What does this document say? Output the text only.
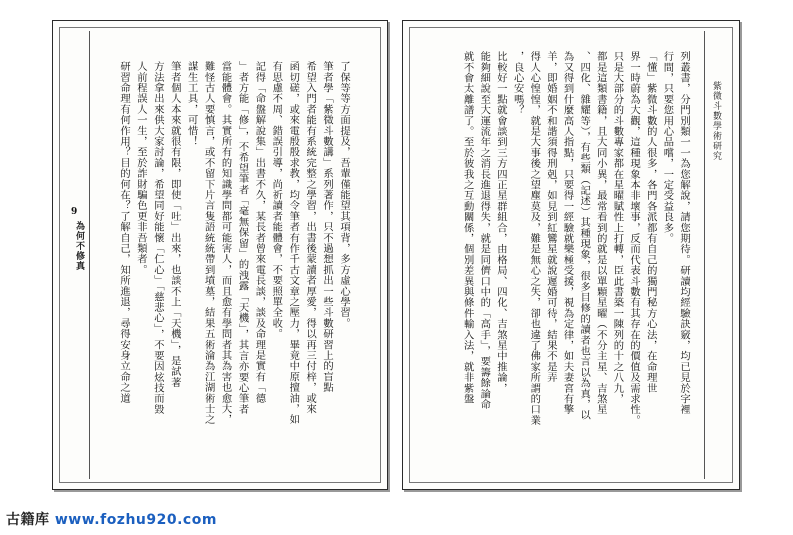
9
為何不修真	了保等等方面提及，吾輩僅能望其項背，多方虛心學習。
筆者學「紫微斗數講」系列著作，只不過想抓出一些斗數研習上的盲點
希望入門者能有系統完整之學習，出書後蒙讀者厚愛，得以再三付梓，或來
函切磋，或來電殷殷求教，均令筆者有作千古文章之壓力，畢竟中原擅油，如
有思慮不周、錯誤引導，尚祈讀者能體會，不要照單全收。
記得「命盤解說集」出書不久，某長者曾來電長談，談及命理是實有「德
」者方能「修」，不希望筆者「毫無保留」的洩露「天機」，其言亦要心筆者
當能體會。其實所有的知識學問都可能害人，而且愈有學問者其為害也愈大，
難怪古人要慎言，或不留下片言隻語統統帶到墳墓，結果五術淪為江湖術士之
謀生工具，可惜！
筆者個人本來就很有限，即使「吐」出來，也談不上「天機」，是試著
方法拿出來供大家討論，希望同好能懷「仁心」「慈悲心」，不要因炫技而毀
人前程誤人一生，至於詐財騙色更非吾類者。
研習命理有何作用？目的何在？了解自己，知所進退，尋得安身立命之道	紫微斗數學術研究
列叢書，分門別類一一為您解說，請您期待。研讀均經驗訣竅，均已見於字裡
行間，只要您用心品嚐，一定受益良多。
「懂」紫微斗數的人很多，各門各派都有自己的獨門秘方心法，在命理世
界一時蔚為大觀，這種現象本非壞事，反而代表斗數有其存在的價值及需求性。
只是大部分的斗數專家都在星曜賦性上打轉，臣此書築一陳列的十之八九，
都是這類書籍，且大同小異，最常看到的就是以單顆星曜（不分主星、吉煞星
、四化、雜耀等），有些類（記述）其種現象，很多目修的讀者也言以為真，以
為又得到什麼高人指點，只要得一經驗就樂極受援，視為定律，如夫妻宮有擎
羊，即婚姻不和諧須得刑剋，如見到紅鸞星就說遲婚可待，結果不是弄
得人心惶惶，就是大事後之望塵莫及，難是無心之失，卻也違了佛家所謂的口業
，良心安嗎？
比較好一點就會談到三方四正星群組合，由格局、四化、吉煞星中推論，
能夠細說至大運流年之消長進退得失，就是同儕口中的「高手」，要籌餘論命
就不會太離譜了。至於彼我之互動關係，個別差異與條件輸入法，就非紫盤
古籍库 www.fozhu920.com
